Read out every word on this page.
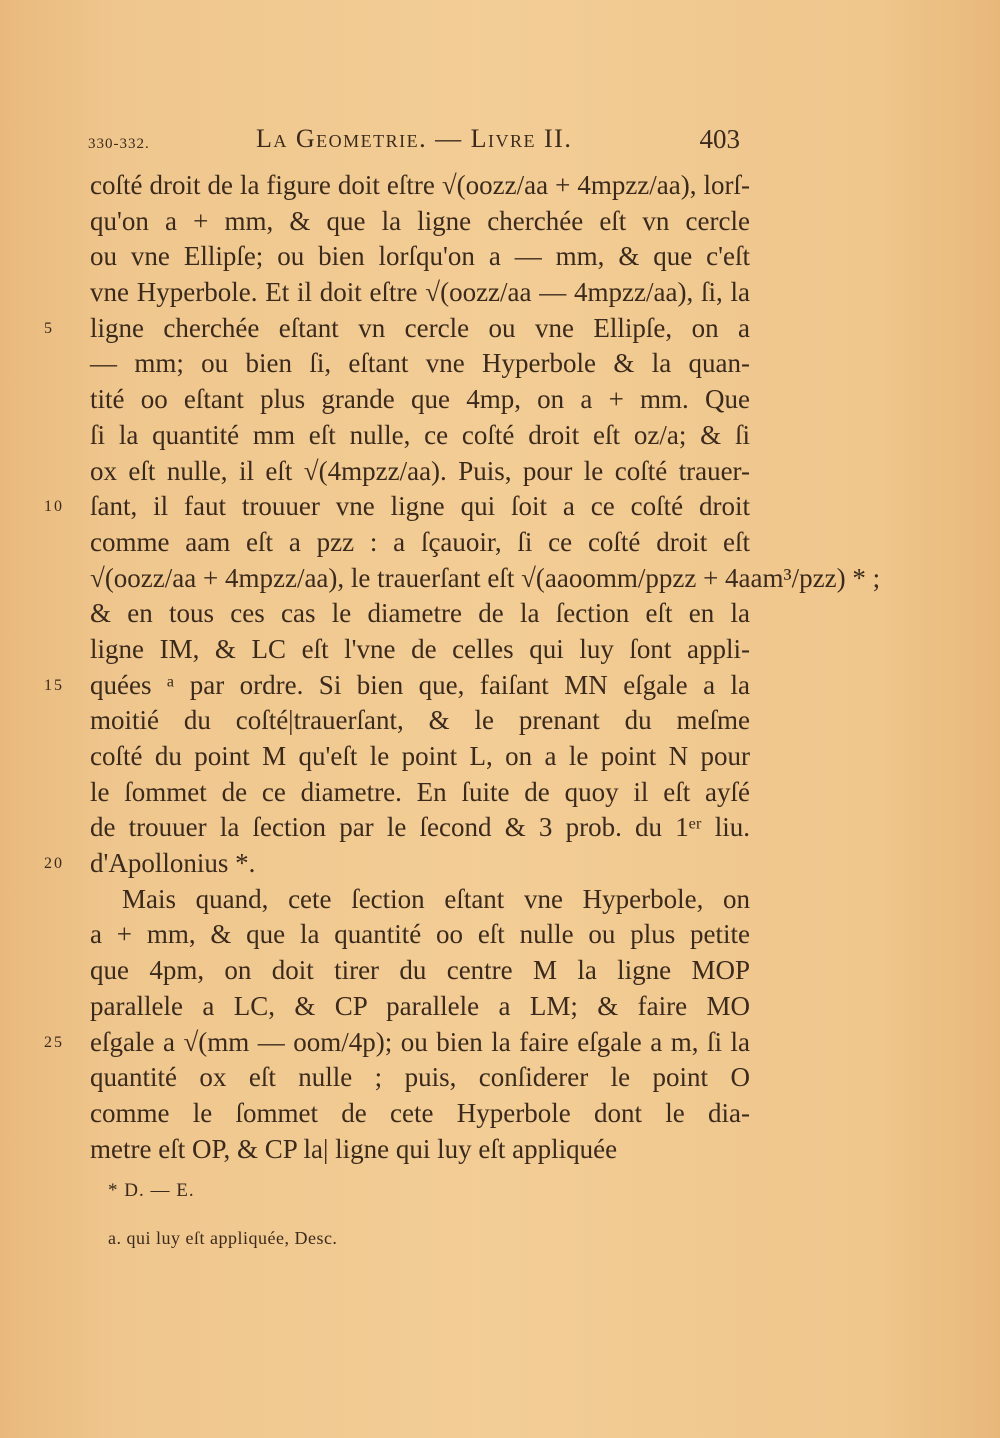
330-332.	La Geometrie. — Livre II.	403
coſté droit de la figure doit eſtre √(oozz/aa + 4mpzz/aa), lorſ-
qu'on a + mm, & que la ligne cherchée eſt vn cercle
ou vne Ellipſe; ou bien lorſqu'on a — mm, & que c'eſt
vne Hyperbole. Et il doit eſtre √(oozz/aa — 4mpzz/aa), ſi, la
ligne cherchée eſtant vn cercle ou vne Ellipſe, on a
5
— mm; ou bien ſi, eſtant vne Hyperbole & la quan-
tité oo eſtant plus grande que 4mp, on a + mm. Que
ſi la quantité mm eſt nulle, ce coſté droit eſt oz/a; & ſi
ox eſt nulle, il eſt √(4mpzz/aa). Puis, pour le coſté trauer-
ſant, il faut trouuer vne ligne qui ſoit a ce coſté droit
10
comme aam eſt a pzz : a ſçauoir, ſi ce coſté droit eſt
√(oozz/aa + 4mpzz/aa), le trauerſant eſt √(aaoomm/ppzz + 4aam³/pzz) * ;
& en tous ces cas le diametre de la ſection eſt en la
ligne IM, & LC eſt l'vne de celles qui luy ſont appli-
quées ᵃ par ordre. Si bien que, faiſant MN eſgale a la
15
moitié du coſté|trauerſant, & le prenant du meſme
coſté du point M qu'eſt le point L, on a le point N pour
le ſommet de ce diametre. En ſuite de quoy il eſt ayſé
de trouuer la ſection par le ſecond & 3 prob. du 1ᵉʳ liu.
d'Apollonius *.
20
Mais quand, cete ſection eſtant vne Hyperbole, on
a + mm, & que la quantité oo eſt nulle ou plus petite
que 4pm, on doit tirer du centre M la ligne MOP
parallele a LC, & CP parallele a LM; & faire MO
eſgale a √(mm — oom/4p); ou bien la faire eſgale a m, ſi la
25
quantité ox eſt nulle ; puis, conſiderer le point O
comme le ſommet de cete Hyperbole dont le dia-
metre eſt OP, & CP la| ligne qui luy eſt appliquée
* D. — E.
a. qui luy eſt appliquée, Desc.
